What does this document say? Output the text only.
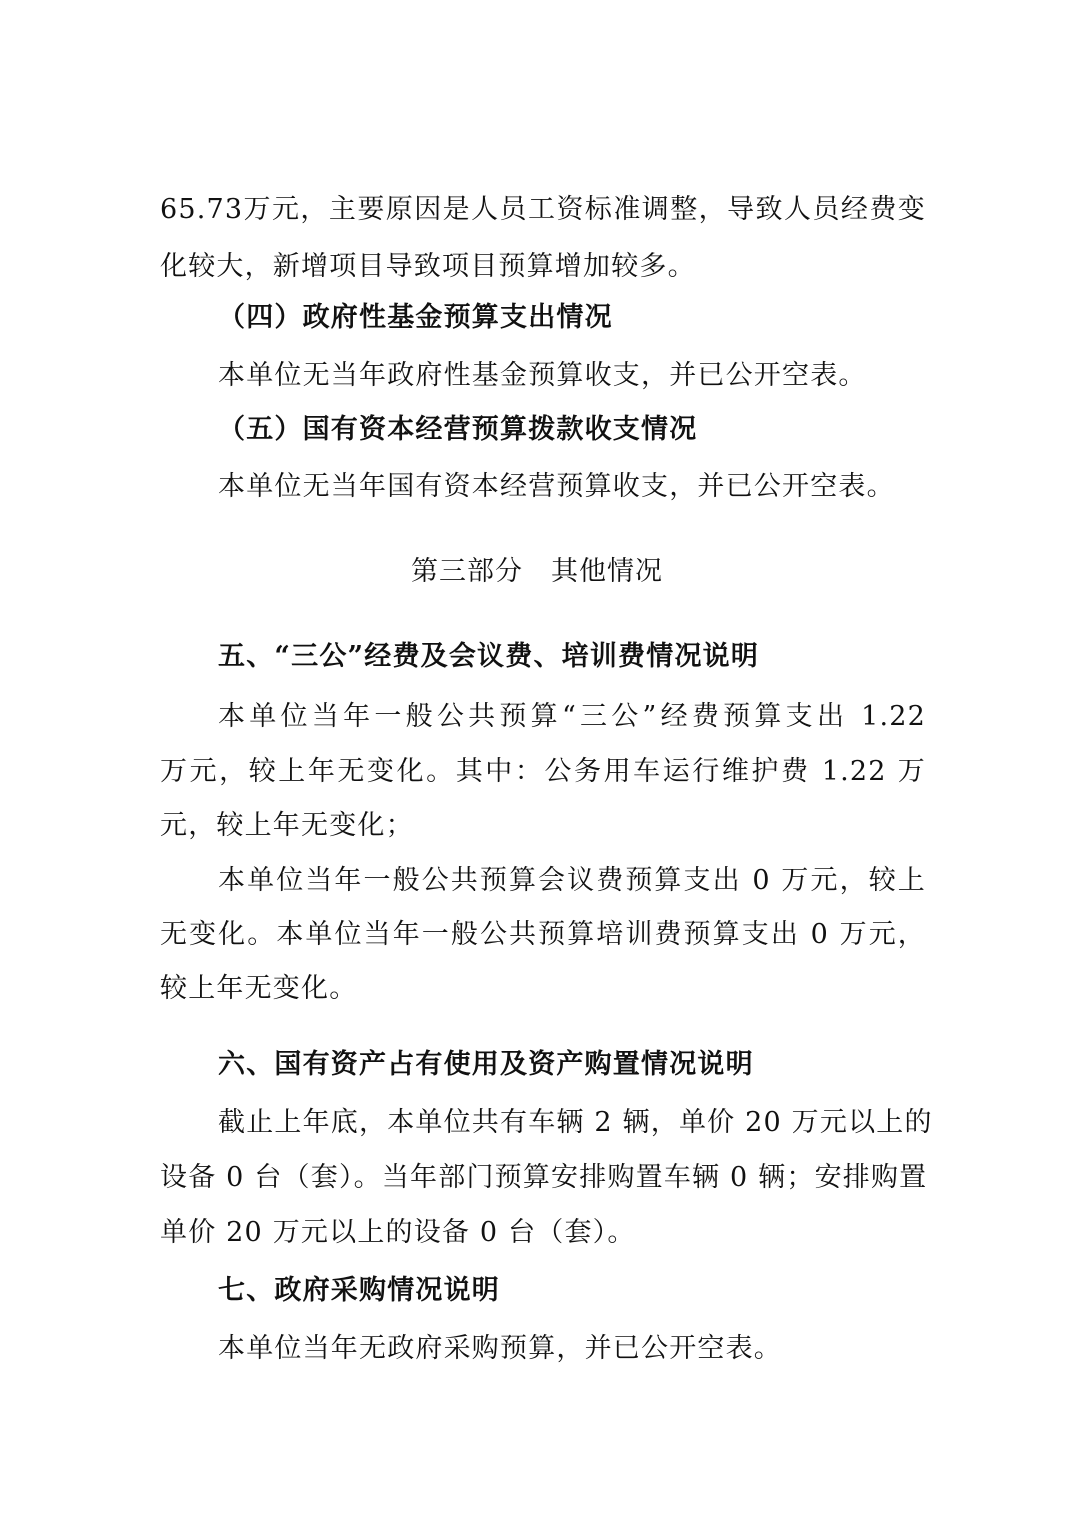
65.73万元，主要原因是人员工资标准调整，导致人员经费变
化较大，新增项目导致项目预算增加较多。
（四）政府性基金预算支出情况
本单位无当年政府性基金预算收支，并已公开空表。
（五）国有资本经营预算拨款收支情况
本单位无当年国有资本经营预算收支，并已公开空表。
第三部分　其他情况
五、“三公”经费及会议费、培训费情况说明
本单位当年一般公共预算“三公”经费预算支出 1.22
万元，较上年无变化。其中：公务用车运行维护费 1.22 万
元，较上年无变化；
本单位当年一般公共预算会议费预算支出 0 万元，较上
无变化。本单位当年一般公共预算培训费预算支出 0 万元，
较上年无变化。
六、国有资产占有使用及资产购置情况说明
截止上年底，本单位共有车辆 2 辆，单价 20 万元以上的
设备 0 台（套）。当年部门预算安排购置车辆 0 辆；安排购置
单价 20 万元以上的设备 0 台（套）。
七、政府采购情况说明
本单位当年无政府采购预算，并已公开空表。
